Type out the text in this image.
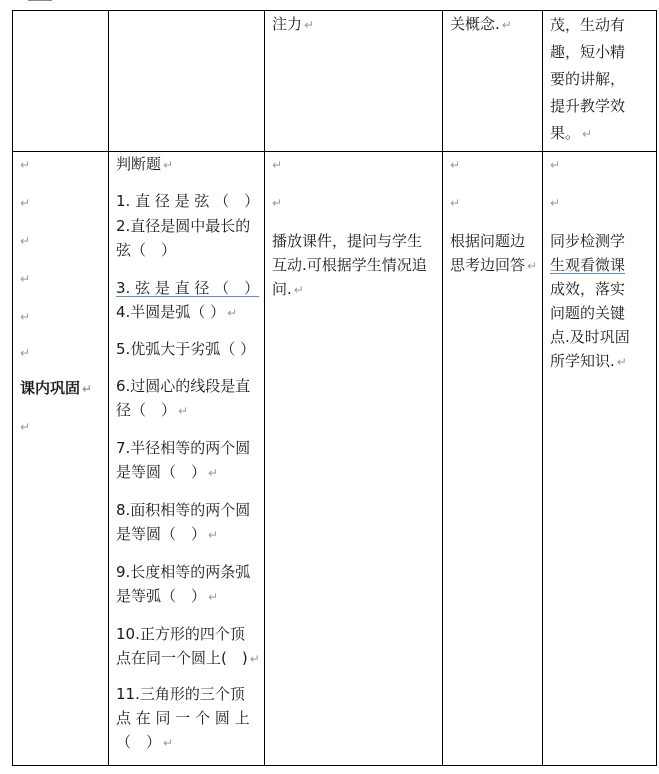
注力 ↵	关概念. ↵	茂，生动有
趣，短小精
要的讲解，
提升教学效
果。 ↵
↵
↵
↵
↵
↵
↵
课内巩固 ↵
↵
判断题 ↵
1. 直 径 是 弦 （　）
2.直径是圆中最长的
弦（　）
3. 弦 是 直 径 （　）
4.半圆是弧（ ） ↵
5.优弧大于劣弧（ ）
6.过圆心的线段是直
径（　） ↵
7.半径相等的两个圆
是等圆（　） ↵
8.面积相等的两个圆
是等圆（　） ↵
9.长度相等的两条弧
是等弧（　） ↵
10.正方形的四个顶
点在同一个圆上(　) ↵
11.三角形的三个顶
点 在 同 一 个 圆 上
（　） ↵
↵
↵
播放课件，提问与学生
互动.可根据学生情况追
问. ↵
↵
↵
根据问题边
思考边回答 ↵
↵
↵
同步检测学
生观看微课
成效，落实
问题的关键
点.及时巩固
所学知识. ↵
